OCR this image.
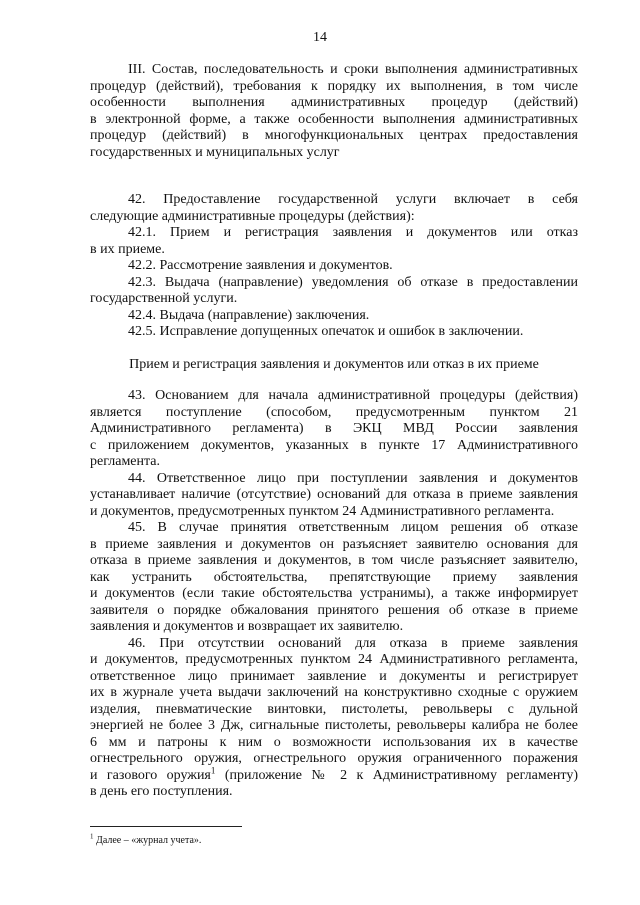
14
III. Состав, последовательность и сроки выполнения административных
процедур (действий), требования к порядку их выполнения, в том числе
особенности выполнения административных процедур (действий)
в электронной форме, а также особенности выполнения административных
процедур (действий) в многофункциональных центрах предоставления
государственных и муниципальных услуг
42. Предоставление государственной услуги включает в себя
следующие административные процедуры (действия):
42.1. Прием и регистрация заявления и документов или отказ
в их приеме.
42.2. Рассмотрение заявления и документов.
42.3. Выдача (направление) уведомления об отказе в предоставлении
государственной услуги.
42.4. Выдача (направление) заключения.
42.5. Исправление допущенных опечаток и ошибок в заключении.
Прием и регистрация заявления и документов или отказ в их приеме
43. Основанием для начала административной процедуры (действия)
является поступление (способом, предусмотренным пунктом 21
Административного регламента) в ЭКЦ МВД России заявления
с приложением документов, указанных в пункте 17 Административного
регламента.
44. Ответственное лицо при поступлении заявления и документов
устанавливает наличие (отсутствие) оснований для отказа в приеме заявления
и документов, предусмотренных пунктом 24 Административного регламента.
45. В случае принятия ответственным лицом решения об отказе
в приеме заявления и документов он разъясняет заявителю основания для
отказа в приеме заявления и документов, в том числе разъясняет заявителю,
как устранить обстоятельства, препятствующие приему заявления
и документов (если такие обстоятельства устранимы), а также информирует
заявителя о порядке обжалования принятого решения об отказе в приеме
заявления и документов и возвращает их заявителю.
46. При отсутствии оснований для отказа в приеме заявления
и документов, предусмотренных пунктом 24 Административного регламента,
ответственное лицо принимает заявление и документы и регистрирует
их в журнале учета выдачи заключений на конструктивно сходные с оружием
изделия, пневматические винтовки, пистолеты, револьверы с дульной
энергией не более 3 Дж, сигнальные пистолеты, револьверы калибра не более
6 мм и патроны к ним о возможности использования их в качестве
огнестрельного оружия, огнестрельного оружия ограниченного поражения
и газового оружия$^1$ (приложение № 2 к Административному регламенту)
в день его поступления.
$^1$ Далее – «журнал учета».
